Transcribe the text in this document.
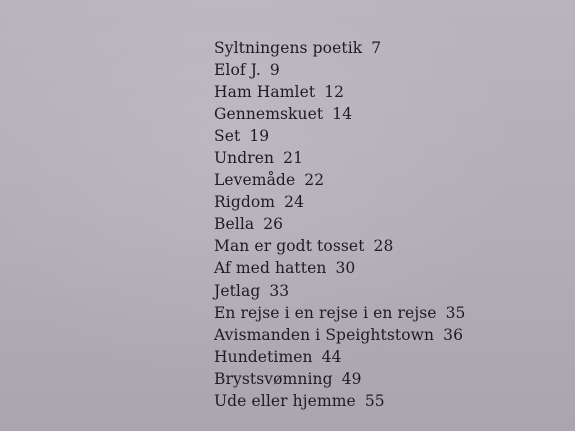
Syltningens poetik 7
Elof J. 9
Ham Hamlet 12
Gennemskuet 14
Set 19
Undren 21
Levemåde 22
Rigdom 24
Bella 26
Man er godt tosset 28
Af med hatten 30
Jetlag 33
En rejse i en rejse i en rejse 35
Avismanden i Speightstown 36
Hundetimen 44
Brystsvømning 49
Ude eller hjemme 55
